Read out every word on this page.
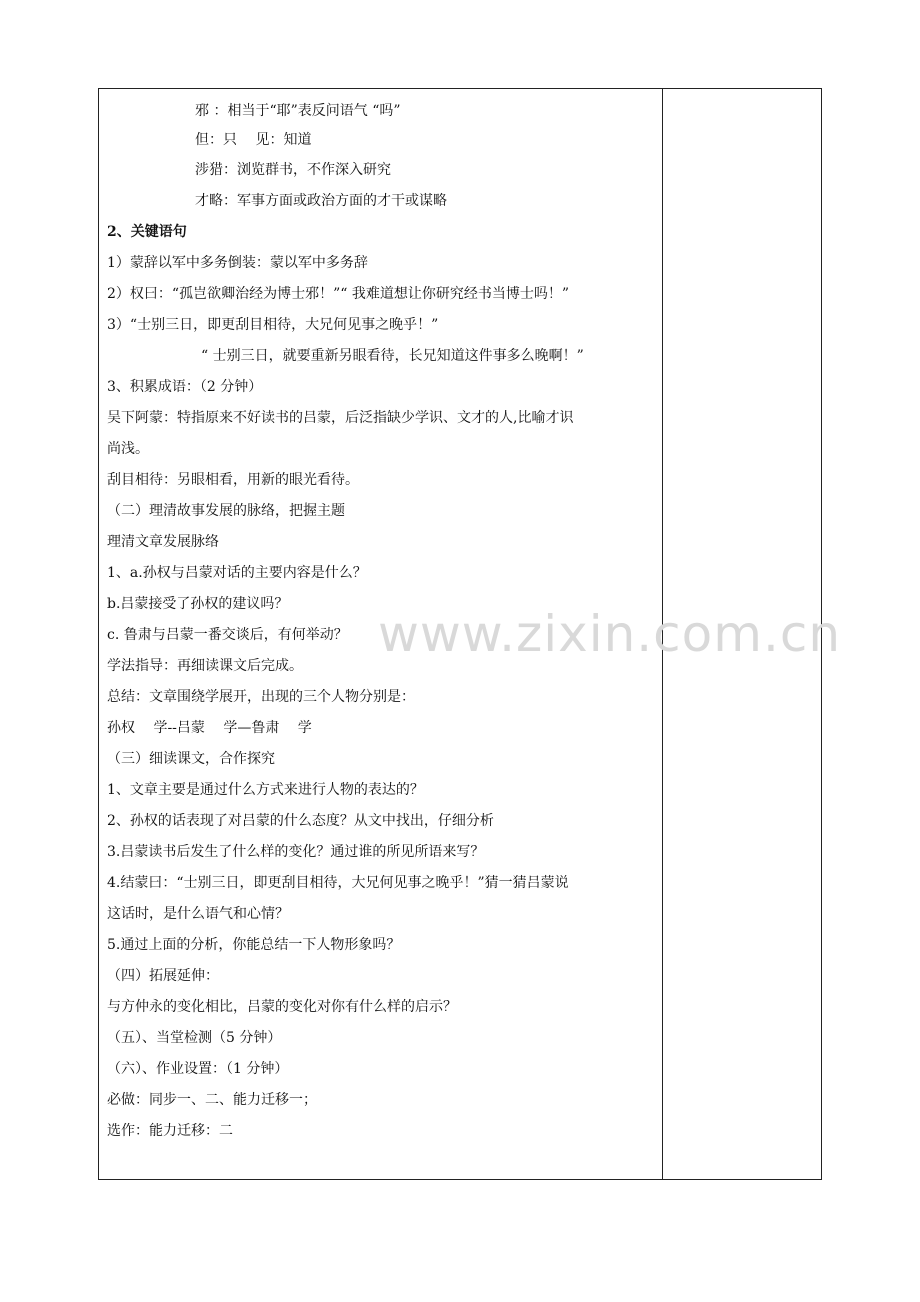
邪 ：相当于“耶”表反问语气 “吗”
但：只　 见：知道
涉猎：浏览群书，不作深入研究
才略：军事方面或政治方面的才干或谋略
2、关键语句
1）蒙辞以军中多务倒装：蒙以军中多务辞
2）权曰：“孤岂欲卿治经为博士邪！”“ 我难道想让你研究经书当博士吗！”
3）“士别三日，即更刮目相待，大兄何见事之晚乎！”
“ 士别三日，就要重新另眼看待，长兄知道这件事多么晚啊！”
3、积累成语：（2 分钟）
吴下阿蒙：特指原来不好读书的吕蒙，后泛指缺少学识、文才的人,比喻才识
尚浅。
刮目相待：另眼相看，用新的眼光看待。
（二）理清故事发展的脉络，把握主题
理清文章发展脉络
1、a.孙权与吕蒙对话的主要内容是什么？
b.吕蒙接受了孙权的建议吗？
c. 鲁肃与吕蒙一番交谈后，有何举动？
学法指导：再细读课文后完成。
总结：文章围绕学展开，出现的三个人物分别是：
孙权　 学--吕蒙　 学—鲁肃　 学
（三）细读课文，合作探究
1、文章主要是通过什么方式来进行人物的表达的？
2、孙权的话表现了对吕蒙的什么态度？从文中找出，仔细分析
3.吕蒙读书后发生了什么样的变化？通过谁的所见所语来写？
4.结蒙曰：“士别三日，即更刮目相待，大兄何见事之晚乎！”猜一猜吕蒙说
这话时，是什么语气和心情？
5.通过上面的分析，你能总结一下人物形象吗？
（四）拓展延伸：
与方仲永的变化相比，吕蒙的变化对你有什么样的启示？
（五）、当堂检测（5 分钟）
（六）、作业设置：（1 分钟）
必做：同步一、二、能力迁移一；
选作：能力迁移：二
www.zixin.com.cn
